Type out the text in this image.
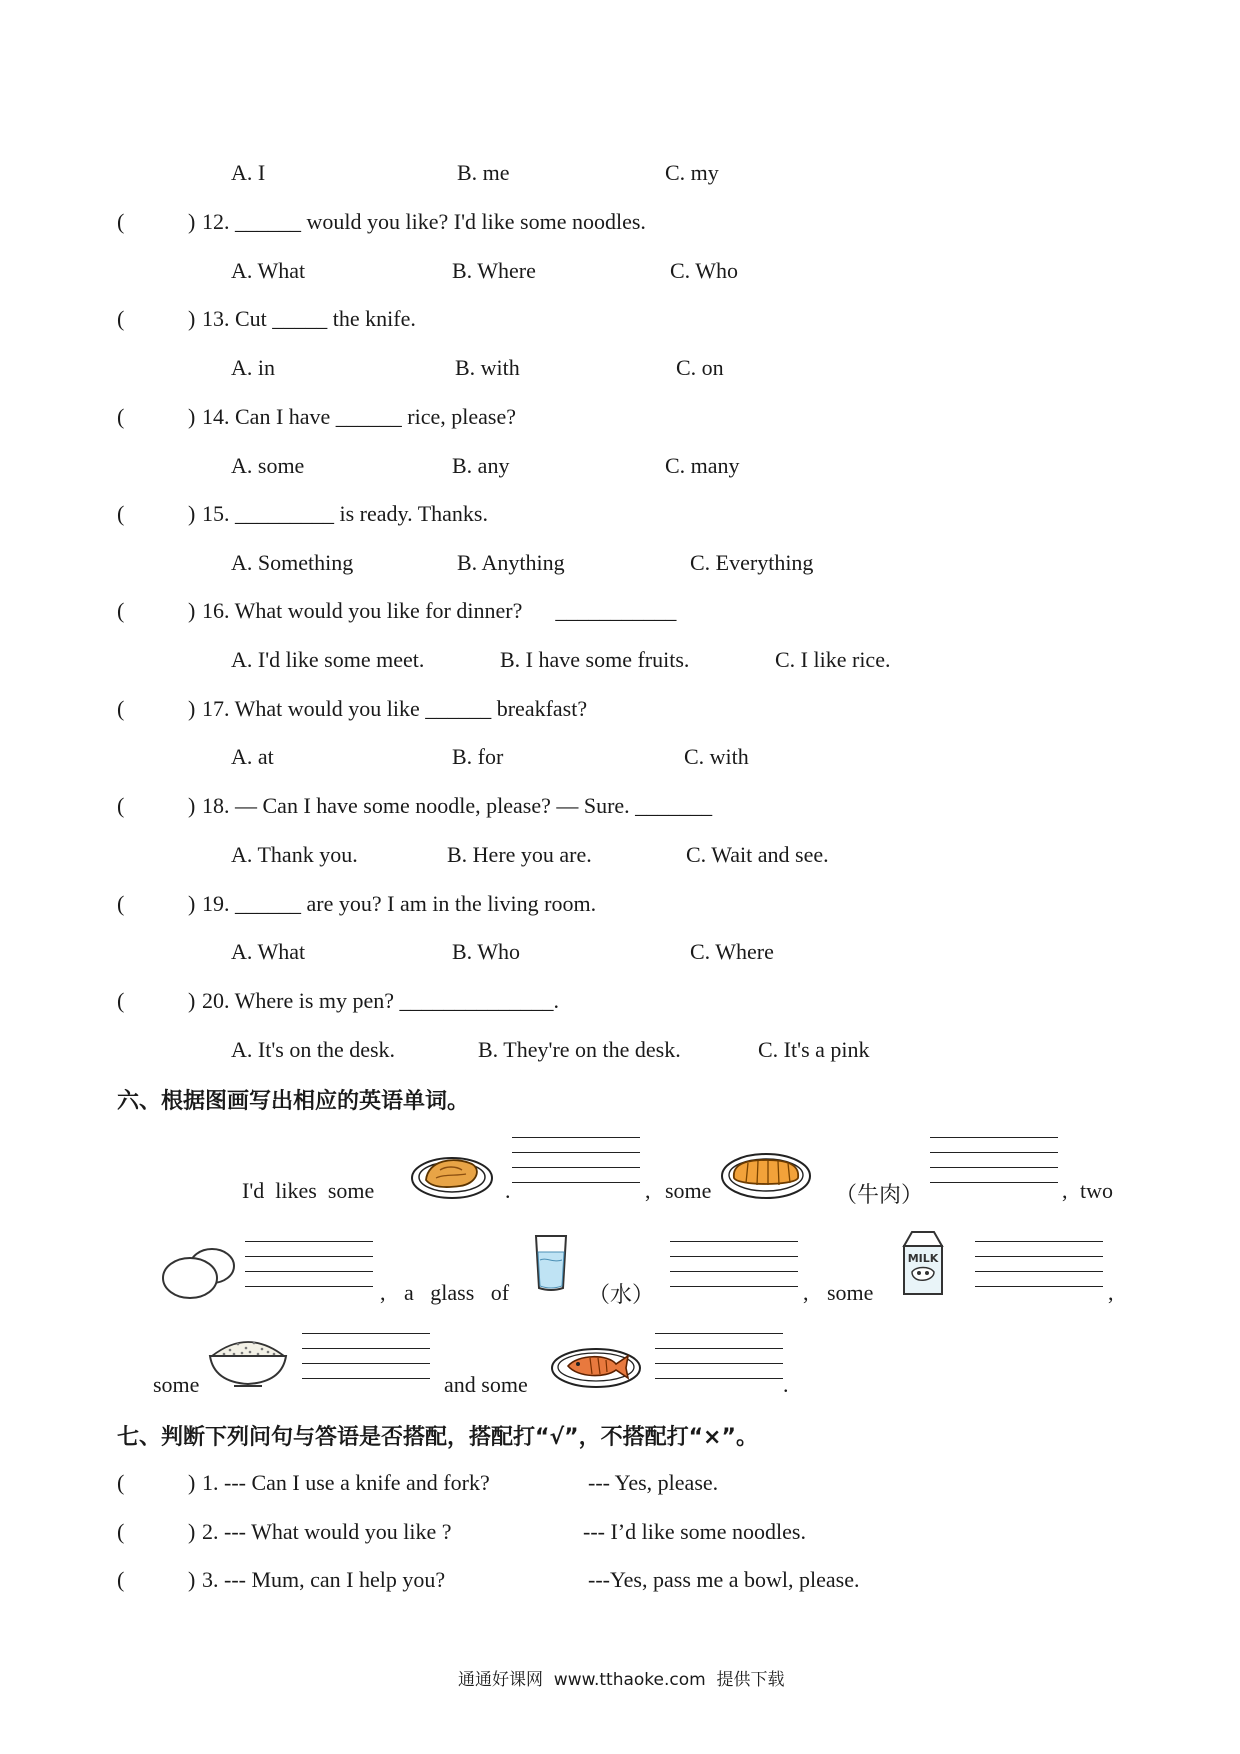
A. I	B. me	C. my
(	) 12. ______ would you like? I'd like some noodles.
A. What	B. Where	C. Who
(	) 13. Cut _____ the knife.
A. in	B. with	C. on
(	) 14. Can I have ______ rice, please?
A. some	B. any	C. many
(	) 15. _________ is ready. Thanks.
A. Something	B. Anything	C. Everything
(	) 16. What would you like for dinner?      ___________
A. I'd like some meet.	B. I have some fruits.	C. I like rice.
(	) 17. What would you like ______ breakfast?
A. at	B. for	C. with
(	) 18. — Can I have some noodle, please? — Sure. _______
A. Thank you.	B. Here you are.	C. Wait and see.
(	) 19. ______ are you? I am in the living room.
A. What	B. Who	C. Where
(	) 20. Where is my pen? ______________.
A. It's on the desk.	B. They're on the desk.	C. It's a pink
六、根据图画写出相应的英语单词。
I'd  likes  some	.	, some	（牛肉）	, two
, a   glass   of	（水）	, some
MILK
,
some	and some	.
七、判断下列问句与答语是否搭配，搭配打“√”，不搭配打“×”。
(	) 1. --- Can I use a knife and fork?	--- Yes, please.
(	) 2. --- What would you like ?	--- I’d like some noodles.
(	) 3. --- Mum, can I help you?	---Yes, pass me a bowl, please.
通通好课网  www.tthaoke.com  提供下载
